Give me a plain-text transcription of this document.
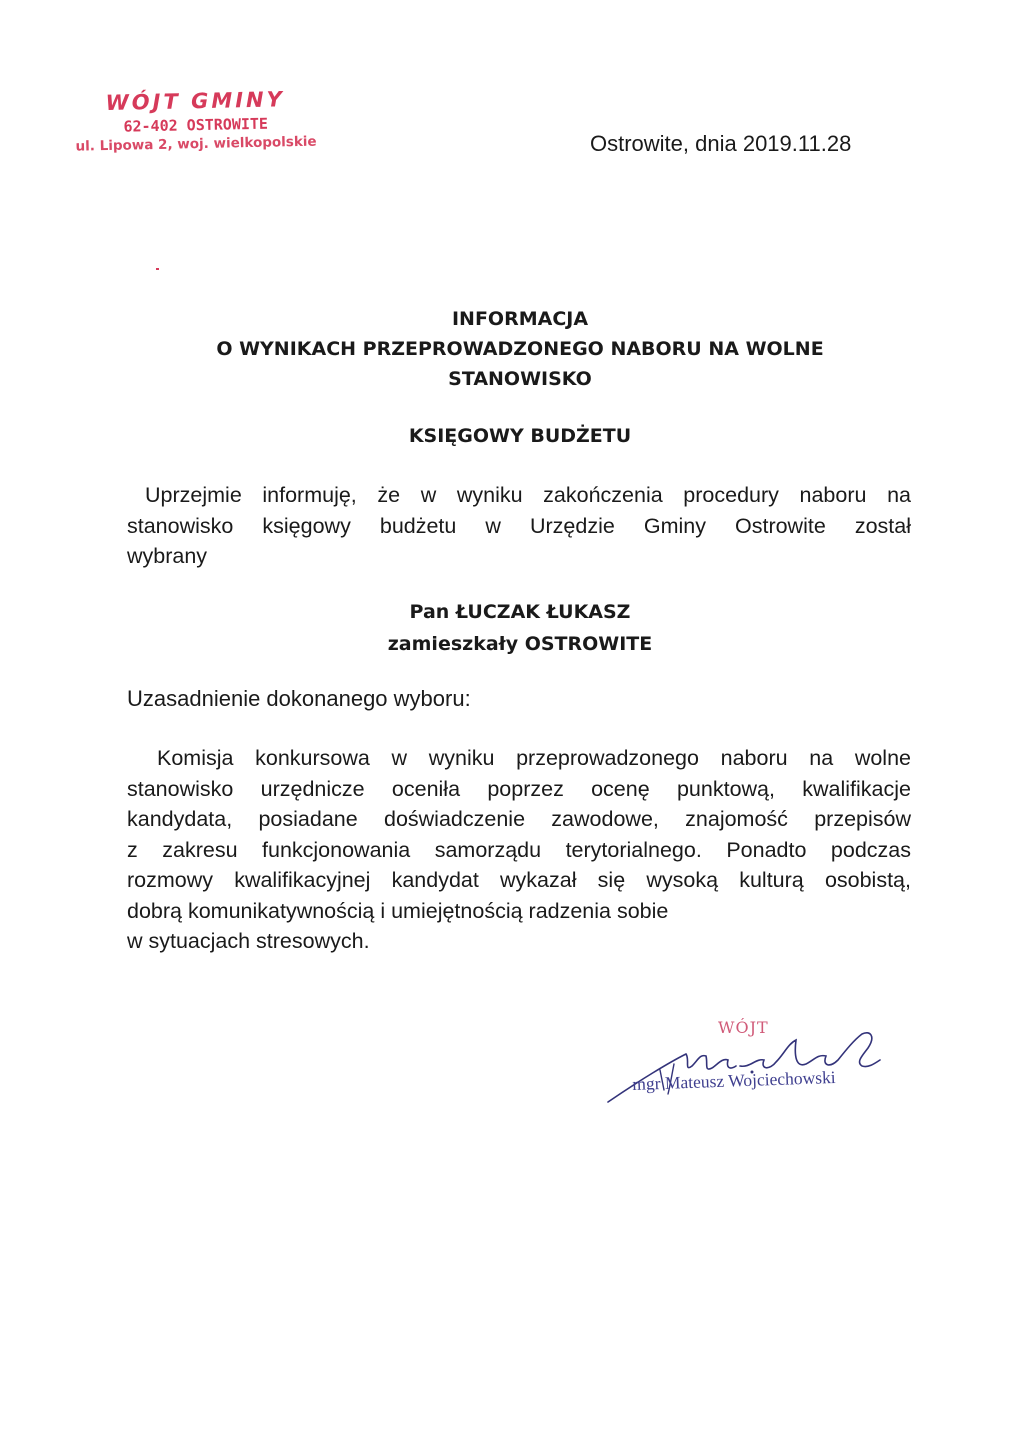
WÓJT GMINY
62-402 OSTROWITE
ul. Lipowa 2, woj. wielkopolskie	Ostrowite, dnia 2019.11.28
INFORMACJA
O WYNIKACH PRZEPROWADZONEGO NABORU NA WOLNE
STANOWISKO
KSIĘGOWY BUDŻETU
Uprzejmie informuję, że w wyniku zakończenia procedury naboru na
stanowisko księgowy budżetu w Urzędzie Gminy Ostrowite został
wybrany
Pan ŁUCZAK ŁUKASZ
zamieszkały OSTROWITE
Uzasadnienie dokonanego wyboru:
Komisja konkursowa w wyniku przeprowadzonego naboru na wolne
stanowisko urzędnicze oceniła poprzez ocenę punktową, kwalifikacje
kandydata, posiadane doświadczenie zawodowe, znajomość przepisów
z zakresu funkcjonowania samorządu terytorialnego. Ponadto podczas
rozmowy kwalifikacyjnej kandydat wykazał się wysoką kulturą osobistą,
dobrą komunikatywnością i umiejętnością radzenia sobie
w sytuacjach stresowych.
WÓJT
mgr Mateusz Wojciechowski
